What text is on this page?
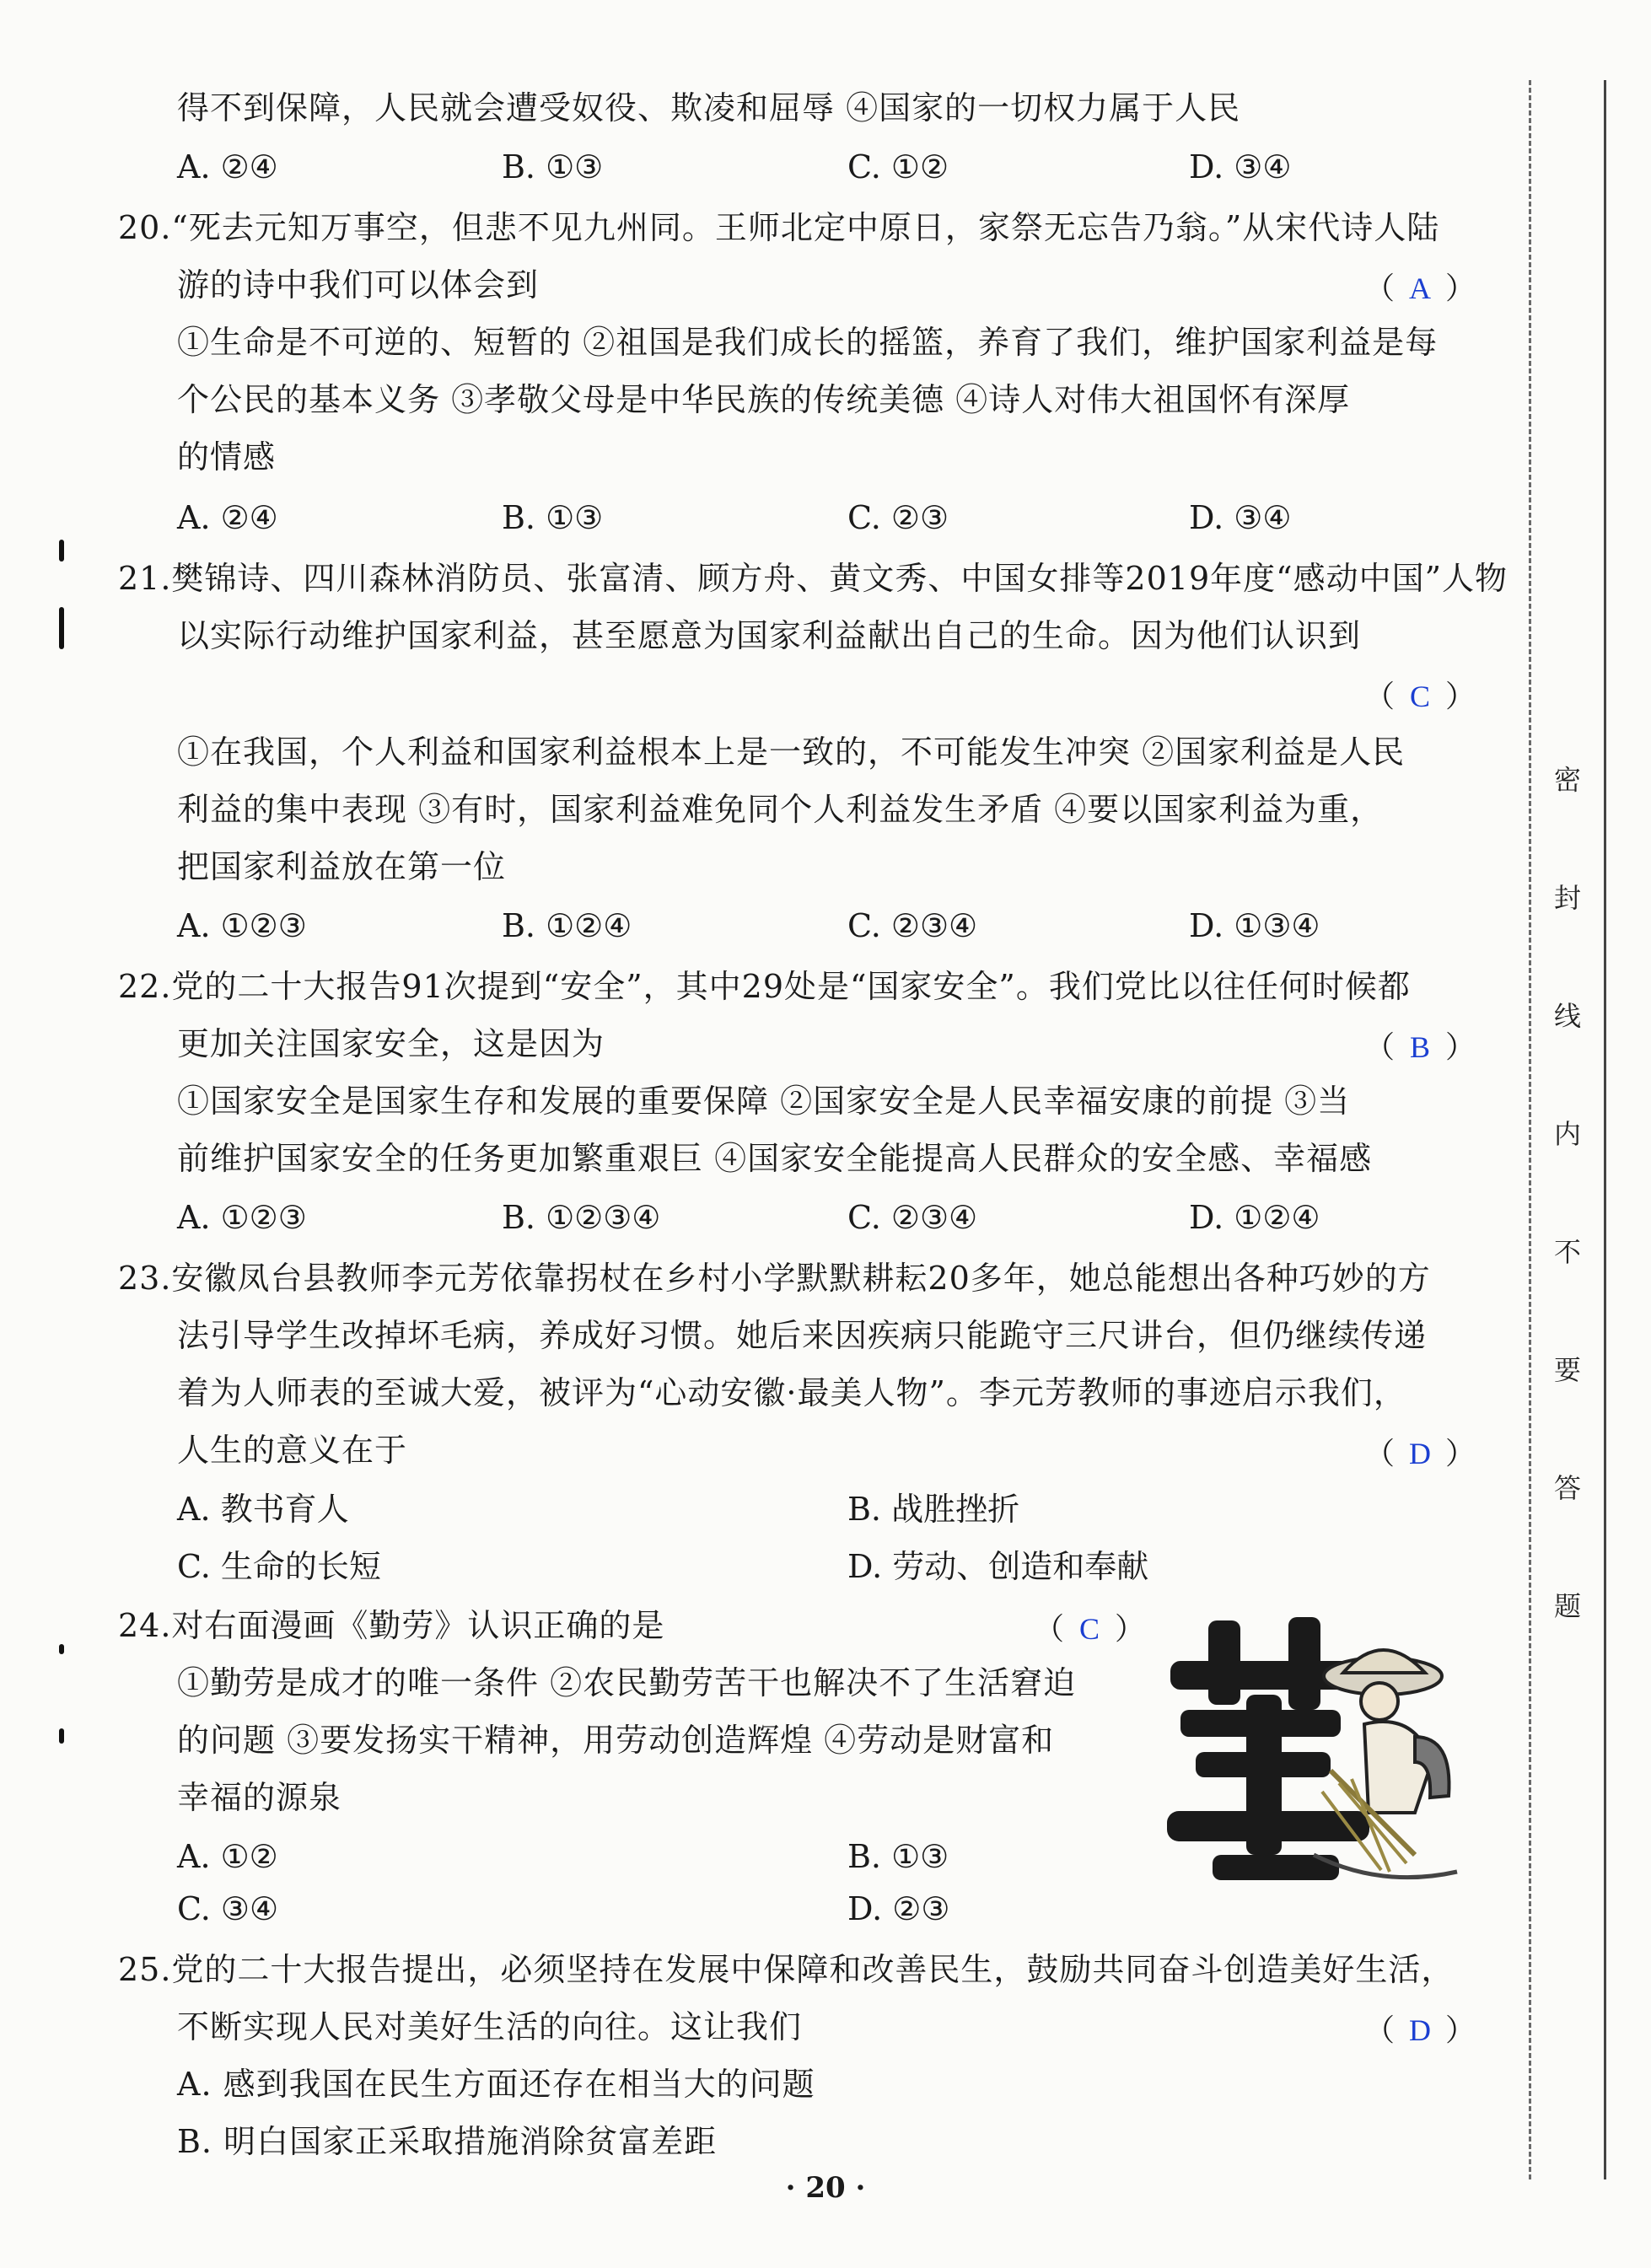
得不到保障，人民就会遭受奴役、欺凌和屈辱 ④国家的一切权力属于人民
A. ②④	B. ①③	C. ①②	D. ③④
20.“死去元知万事空，但悲不见九州同。王师北定中原日，家祭无忘告乃翁。”从宋代诗人陆
游的诗中我们可以体会到	（ A ）
①生命是不可逆的、短暂的 ②祖国是我们成长的摇篮，养育了我们，维护国家利益是每
个公民的基本义务 ③孝敬父母是中华民族的传统美德 ④诗人对伟大祖国怀有深厚
的情感
A. ②④	B. ①③	C. ②③	D. ③④
21.樊锦诗、四川森林消防员、张富清、顾方舟、黄文秀、中国女排等2019年度“感动中国”人物
以实际行动维护国家利益，甚至愿意为国家利益献出自己的生命。因为他们认识到
（ C ）
①在我国，个人利益和国家利益根本上是一致的，不可能发生冲突 ②国家利益是人民
利益的集中表现 ③有时，国家利益难免同个人利益发生矛盾 ④要以国家利益为重，
把国家利益放在第一位
A. ①②③	B. ①②④	C. ②③④	D. ①③④
22.党的二十大报告91次提到“安全”，其中29处是“国家安全”。我们党比以往任何时候都
更加关注国家安全，这是因为	（ B ）
①国家安全是国家生存和发展的重要保障 ②国家安全是人民幸福安康的前提 ③当
前维护国家安全的任务更加繁重艰巨 ④国家安全能提高人民群众的安全感、幸福感
A. ①②③	B. ①②③④	C. ②③④	D. ①②④
23.安徽凤台县教师李元芳依靠拐杖在乡村小学默默耕耘20多年，她总能想出各种巧妙的方
法引导学生改掉坏毛病，养成好习惯。她后来因疾病只能跪守三尺讲台，但仍继续传递
着为人师表的至诚大爱，被评为“心动安徽·最美人物”。李元芳教师的事迹启示我们，
人生的意义在于	（ D ）
A. 教书育人	B. 战胜挫折
C. 生命的长短	D. 劳动、创造和奉献
24.对右面漫画《勤劳》认识正确的是	（ C ）
①勤劳是成才的唯一条件 ②农民勤劳苦干也解决不了生活窘迫
的问题 ③要发扬实干精神，用劳动创造辉煌 ④劳动是财富和
幸福的源泉
A. ①②	B. ①③
C. ③④	D. ②③
25.党的二十大报告提出，必须坚持在发展中保障和改善民生，鼓励共同奋斗创造美好生活，
不断实现人民对美好生活的向往。这让我们	（ D ）
A. 感到我国在民生方面还存在相当大的问题
B. 明白国家正采取措施消除贫富差距
· 20 ·
密
封
线
内
不
要
答
题
